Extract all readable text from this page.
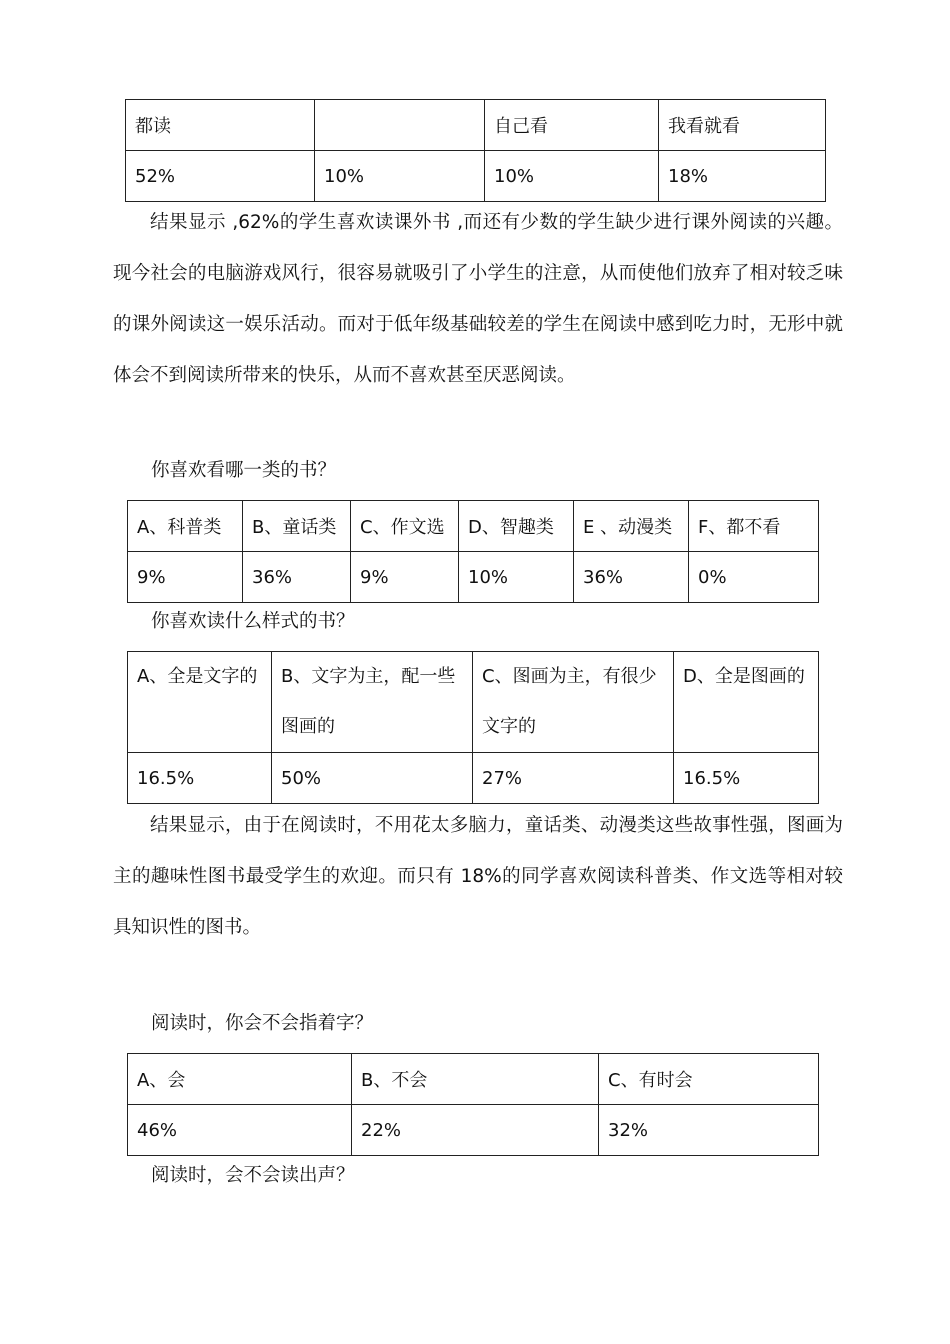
都读		自己看	我看就看
52%	10%	10%	18%

结果显示 ,62%的学生喜欢读课外书 ,而还有少数的学生缺少进行课外阅读的兴趣。现今社会的电脑游戏风行，很容易就吸引了小学生的注意，从而使他们放弃了相对较乏味的课外阅读这一娱乐活动。而对于低年级基础较差的学生在阅读中感到吃力时，无形中就体会不到阅读所带来的快乐，从而不喜欢甚至厌恶阅读。

你喜欢看哪一类的书？

A、科普类	B、童话类	C、作文选	D、智趣类	E 、动漫类	F、都不看
9%	36%	9%	10%	36%	0%

你喜欢读什么样式的书？

A、全是文字的	B、文字为主，配一些图画的	C、图画为主，有很少文字的	D、全是图画的
16.5%	50%	27%	16.5%

结果显示，由于在阅读时，不用花太多脑力，童话类、动漫类这些故事性强，图画为主的趣味性图书最受学生的欢迎。而只有 18%的同学喜欢阅读科普类、作文选等相对较具知识性的图书。

阅读时，你会不会指着字？

A、会	B、不会	C、有时会
46%	22%	32%

阅读时，会不会读出声？
